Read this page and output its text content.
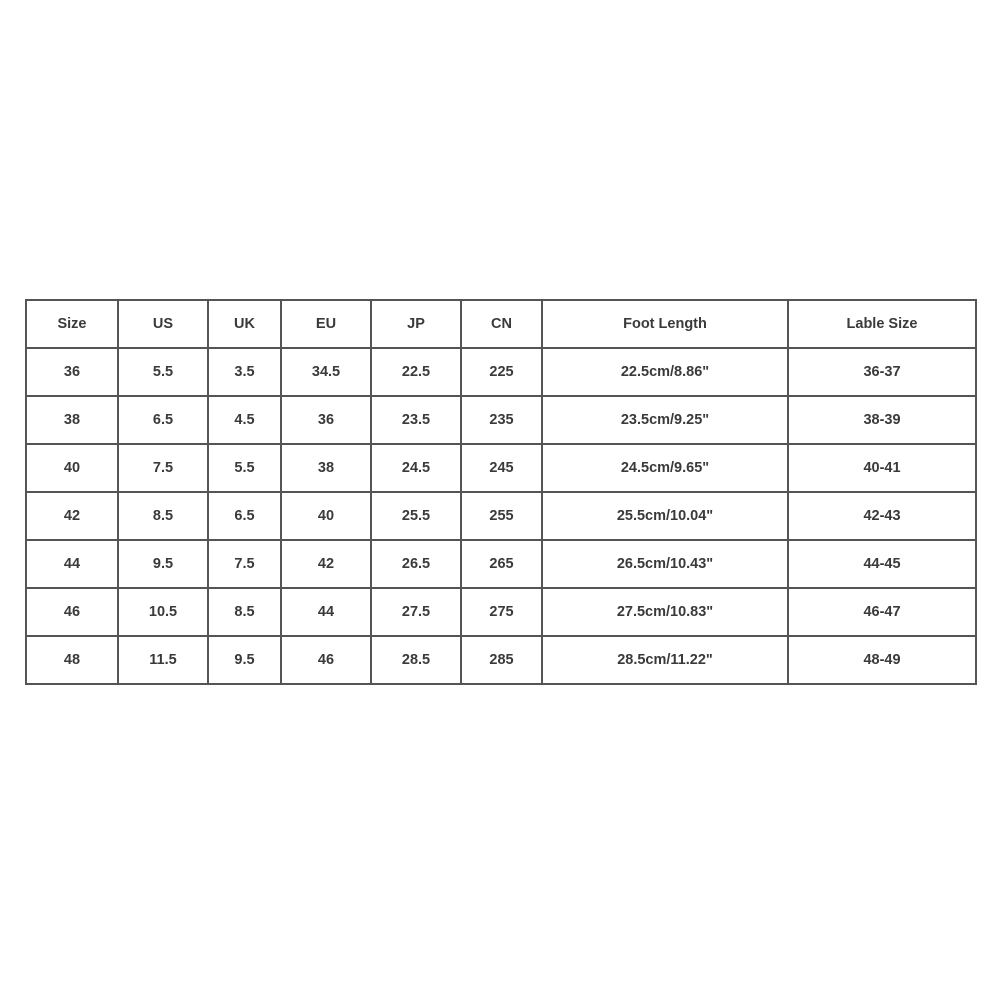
Size	US	UK	EU	JP	CN	Foot Length	Lable Size
36	5.5	3.5	34.5	22.5	225	22.5cm/8.86"	36-37
38	6.5	4.5	36	23.5	235	23.5cm/9.25"	38-39
40	7.5	5.5	38	24.5	245	24.5cm/9.65"	40-41
42	8.5	6.5	40	25.5	255	25.5cm/10.04"	42-43
44	9.5	7.5	42	26.5	265	26.5cm/10.43"	44-45
46	10.5	8.5	44	27.5	275	27.5cm/10.83"	46-47
48	11.5	9.5	46	28.5	285	28.5cm/11.22"	48-49
